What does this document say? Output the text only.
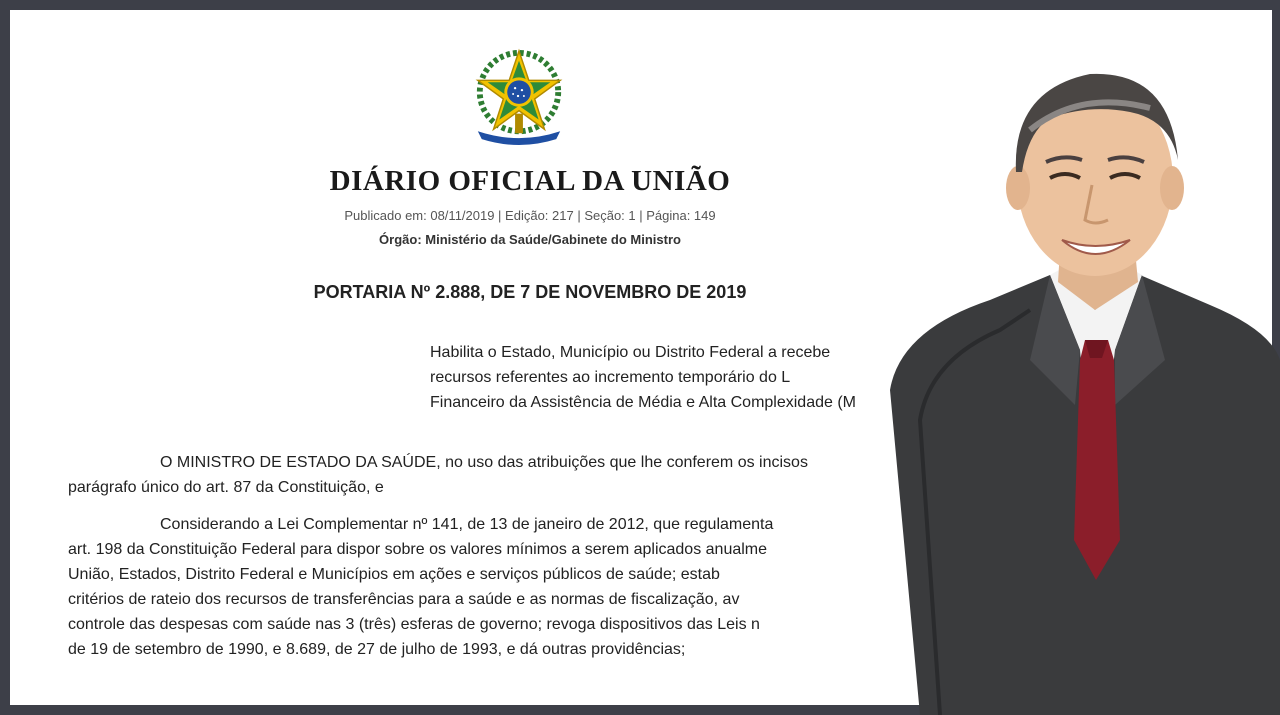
DIÁRIO OFICIAL DA UNIÃO
Publicado em: 08/11/2019 | Edição: 217 | Seção: 1 | Página: 149
Órgão: Ministério da Saúde/Gabinete do Ministro
PORTARIA Nº 2.888, DE 7 DE NOVEMBRO DE 2019
Habilita o Estado, Município ou Distrito Federal a recebe
recursos referentes ao incremento temporário do L
Financeiro da Assistência de Média e Alta Complexidade (M
O MINISTRO DE ESTADO DA SAÚDE, no uso das atribuições que lhe conferem os incisos
parágrafo único do art. 87 da Constituição, e
Considerando a Lei Complementar nº 141, de 13 de janeiro de 2012, que regulamenta
art. 198 da Constituição Federal para dispor sobre os valores mínimos a serem aplicados anualme
União, Estados, Distrito Federal e Municípios em ações e serviços públicos de saúde; estab
critérios de rateio dos recursos de transferências para a saúde e as normas de fiscalização, av
controle das despesas com saúde nas 3 (três) esferas de governo; revoga dispositivos das Leis n
de 19 de setembro de 1990, e 8.689, de 27 de julho de 1993, e dá outras providências;
